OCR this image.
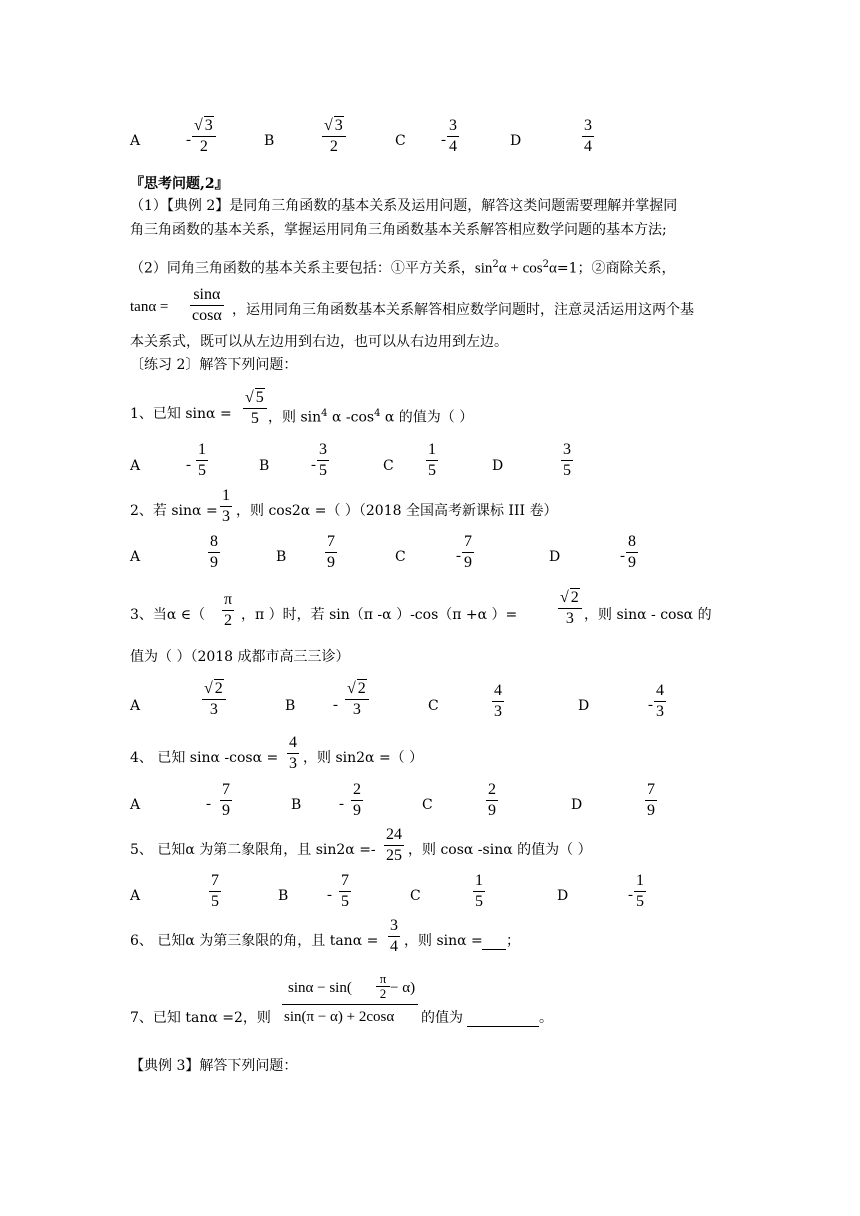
A	-
√ 3
2	B
√ 3
2	C -
3
4	D
3
4
『思考问题,2』
（1）【典例 2】是同角三角函数的基本关系及运用问题，解答这类问题需要理解并掌握同
角三角函数的基本关系，掌握运用同角三角函数基本关系解答相应数学问题的基本方法;
（2）同角三角函数的基本关系主要包括：①平方关系，$\sin^2\alpha + \cos^2\alpha=1$；②商除关系，
tanα =
sinα
cosα ，运用同角三角函数基本关系解答相应数学问题时，注意灵活运用这两个基
本关系式，既可以从左边用到右边，也可以从右边用到左边。
〔练习 2〕解答下列问题：
1、已知 sinα =
√ 5
5 ，则 $\sin^4 \alpha$ $-\cos^4$ α 的值为（ ）
A	-
1
5	B	-
3
5	C
1
5	D
3
5
2、若 sinα =
1
3 ，则 cos2α =（ ）（2018 全国高考新课标 III 卷）
A
8
9	B
7
9	C	-
7
9	D	-
8
9
3、当α ∈（
π
2 ，π ）时，若 sin（π -α ）-cos（π +α ）=
√ 2
3 ，则 sinα - cosα 的
值为（ ）（2018 成都市高三三诊）
A
√ 2
3	B	-
√ 2
3	C
4
3	D	-
4
3
4、 已知 sinα -cosα =
4
3 ，则 sin2α =（ ）
A	-
7
9	B	-
2
9	C
2
9	D
7
9
5、 已知α 为第二象限角，且 sin2α =-
24
25 ，则 cosα -sinα 的值为（ ）
A
7
5	B	-
7
5	C
1
5	D	-
1
5
6、 已知α 为第三象限的角，且 tanα =
3
4 ，则 sinα = ；
7、已知 tanα =2，则
sinα − sin(
π
2 − α)
sin(π − α) + 2cosα 的值为	。
【典例 3】解答下列问题：
